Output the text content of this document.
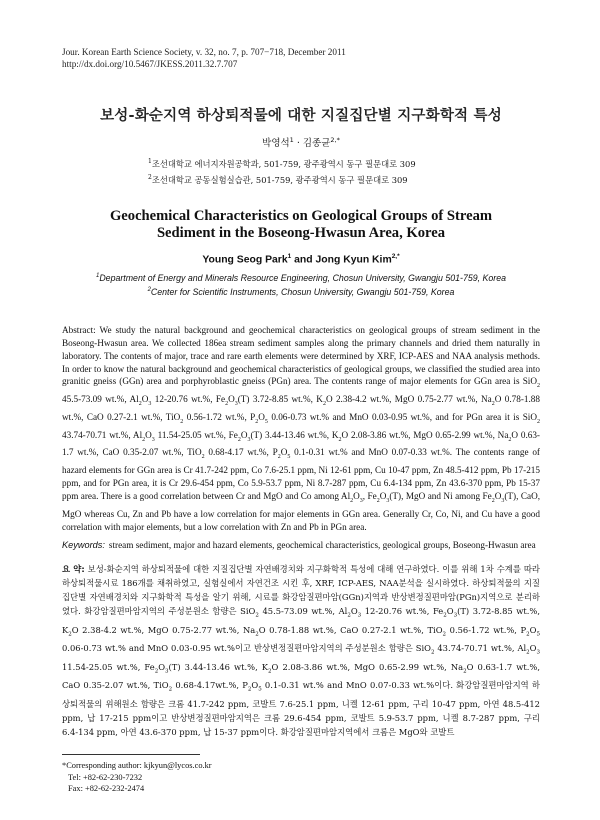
Jour. Korean Earth Science Society, v. 32, no. 7, p. 707−718, December 2011
http://dx.doi.org/10.5467/JKESS.2011.32.7.707
보성-화순지역 하상퇴적물에 대한 지질집단별 지구화학적 특성
박영석$^1$ · 김종균$^{2,*}$
$^1$조선대학교 에너지자원공학과, 501-759, 광주광역시 동구 필문대로 309
$^2$조선대학교 공동실험실습관, 501-759, 광주광역시 동구 필문대로 309
Geochemical Characteristics on Geological Groups of Stream
Sediment in the Boseong-Hwasun Area, Korea
Young Seog Park$^1$ and Jong Kyun Kim$^{2,*}$
$^1$Department of Energy and Minerals Resource Engineering, Chosun University, Gwangju 501-759, Korea
$^2$Center for Scientific Instruments, Chosun University, Gwangju 501-759, Korea
Abstract: We study the natural background and geochemical characteristics on geological groups of stream sediment in the Boseong-Hwasun area. We collected 186ea stream sediment samples along the primary channels and dried them naturally in laboratory. The contents of major, trace and rare earth elements were determined by XRF, ICP-AES and NAA analysis methods. In order to know the natural background and geochemical characteristics of geological groups, we classified the studied area into granitic gneiss (GGn) area and porphyroblastic gneiss (PGn) area. The contents range of major elements for GGn area is SiO$_2$ 45.5-73.09 wt.%, $Al_2O_3$ 12-20.76 wt.%, $Fe_2O_3(T)$ 3.72-8.85 wt.%, $K_2O$ 2.38-4.2 wt.%, MgO 0.75-2.77 wt.%, $Na_2O$ 0.78-1.88 wt.%, CaO 0.27-2.1 wt.%, TiO$_2$ 0.56-1.72 wt.%, $P_2O_5$ 0.06-0.73 wt.% and MnO 0.03-0.95 wt.%, and for PGn area it is SiO$_2$ 43.74-70.71 wt.%, $Al_2O_3$ 11.54-25.05 wt.%, $Fe_2O_3(T)$ 3.44-13.46 wt.%, $K_2O$ 2.08-3.86 wt.%, MgO 0.65-2.99 wt.%, $Na_2O$ 0.63-1.7 wt.%, CaO 0.35-2.07 wt.%, TiO$_2$ 0.68-4.17 wt.%, $P_2O_5$ 0.1-0.31 wt.% and MnO 0.07-0.33 wt.%. The contents range of hazard elements for GGn area is Cr 41.7-242 ppm, Co 7.6-25.1 ppm, Ni 12-61 ppm, Cu 10-47 ppm, Zn 48.5-412 ppm, Pb 17-215 ppm, and for PGn area, it is Cr 29.6-454 ppm, Co 5.9-53.7 ppm, Ni 8.7-287 ppm, Cu 6.4-134 ppm, Zn 43.6-370 ppm, Pb 15-37 ppm area. There is a good correlation between Cr and MgO and Co among $Al_2O_3$, $Fe_2O_3(T)$, MgO and Ni among $Fe_2O_3(T)$, CaO, MgO whereas Cu, Zn and Pb have a low correlation for major elements in GGn area. Generally Cr, Co, Ni, and Cu have a good correlation with major elements, but a low correlation with Zn and Pb in PGn area.
Keywords: stream sediment, major and hazard elements, geochemical characteristics, geological groups, Boseong-Hwasun area
요 약: 보성-화순지역 하상퇴적물에 대한 지질집단별 자연배경치와 지구화학적 특성에 대해 연구하였다. 이를 위해 1차 수계를 따라 하상퇴적물시료 186개를 채취하였고, 실험실에서 자연건조 시킨 후, XRF, ICP-AES, NAA분석을 실시하였다. 하상퇴적물의 지질집단별 자연배경치와 지구화학적 특성을 알기 위해, 시료를 화강암질편마암(GGn)지역과 반상변정질편마암(PGn)지역으로 분리하였다. 화강암질편마암지역의 주성분원소 함량은 SiO$_2$ 45.5-73.09 wt.%, $Al_2O_3$ 12-20.76 wt.%, $Fe_2O_3(T)$ 3.72-8.85 wt.%, $K_2O$ 2.38-4.2 wt.%, MgO 0.75-2.77 wt.%, $Na_2O$ 0.78-1.88 wt.%, CaO 0.27-2.1 wt.%, TiO$_2$ 0.56-1.72 wt.%, $P_2O_5$ 0.06-0.73 wt.% and MnO 0.03-0.95 wt.%이고 반상변정질편마암지역의 주성분원소 함량은 SiO$_2$ 43.74-70.71 wt.%, $Al_2O_3$ 11.54-25.05 wt.%, $Fe_2O_3(T)$ 3.44-13.46 wt.%, $K_2O$ 2.08-3.86 wt.%, MgO 0.65-2.99 wt.%, $Na_2O$ 0.63-1.7 wt.%, CaO 0.35-2.07 wt.%, TiO$_2$ 0.68-4.17wt.%, $P_2O_5$ 0.1-0.31 wt.% and MnO 0.07-0.33 wt.%이다. 화강암질편마암지역 하상퇴적물의 위해원소 함량은 크롬 41.7-242 ppm, 코발트 7.6-25.1 ppm, 니켈 12-61 ppm, 구리 10-47 ppm, 아연 48.5-412 ppm, 납 17-215 ppm이고 반상변정질편마암지역은 크롬 29.6-454 ppm, 코발트 5.9-53.7 ppm, 니켈 8.7-287 ppm, 구리 6.4-134 ppm, 아연 43.6-370 ppm, 납 15-37 ppm이다. 화강암질편마암지역에서 크롬은 MgO와 코발트
*Corresponding author: kjkyun@lycos.co.kr
Tel: +82-62-230-7232
Fax: +82-62-232-2474
